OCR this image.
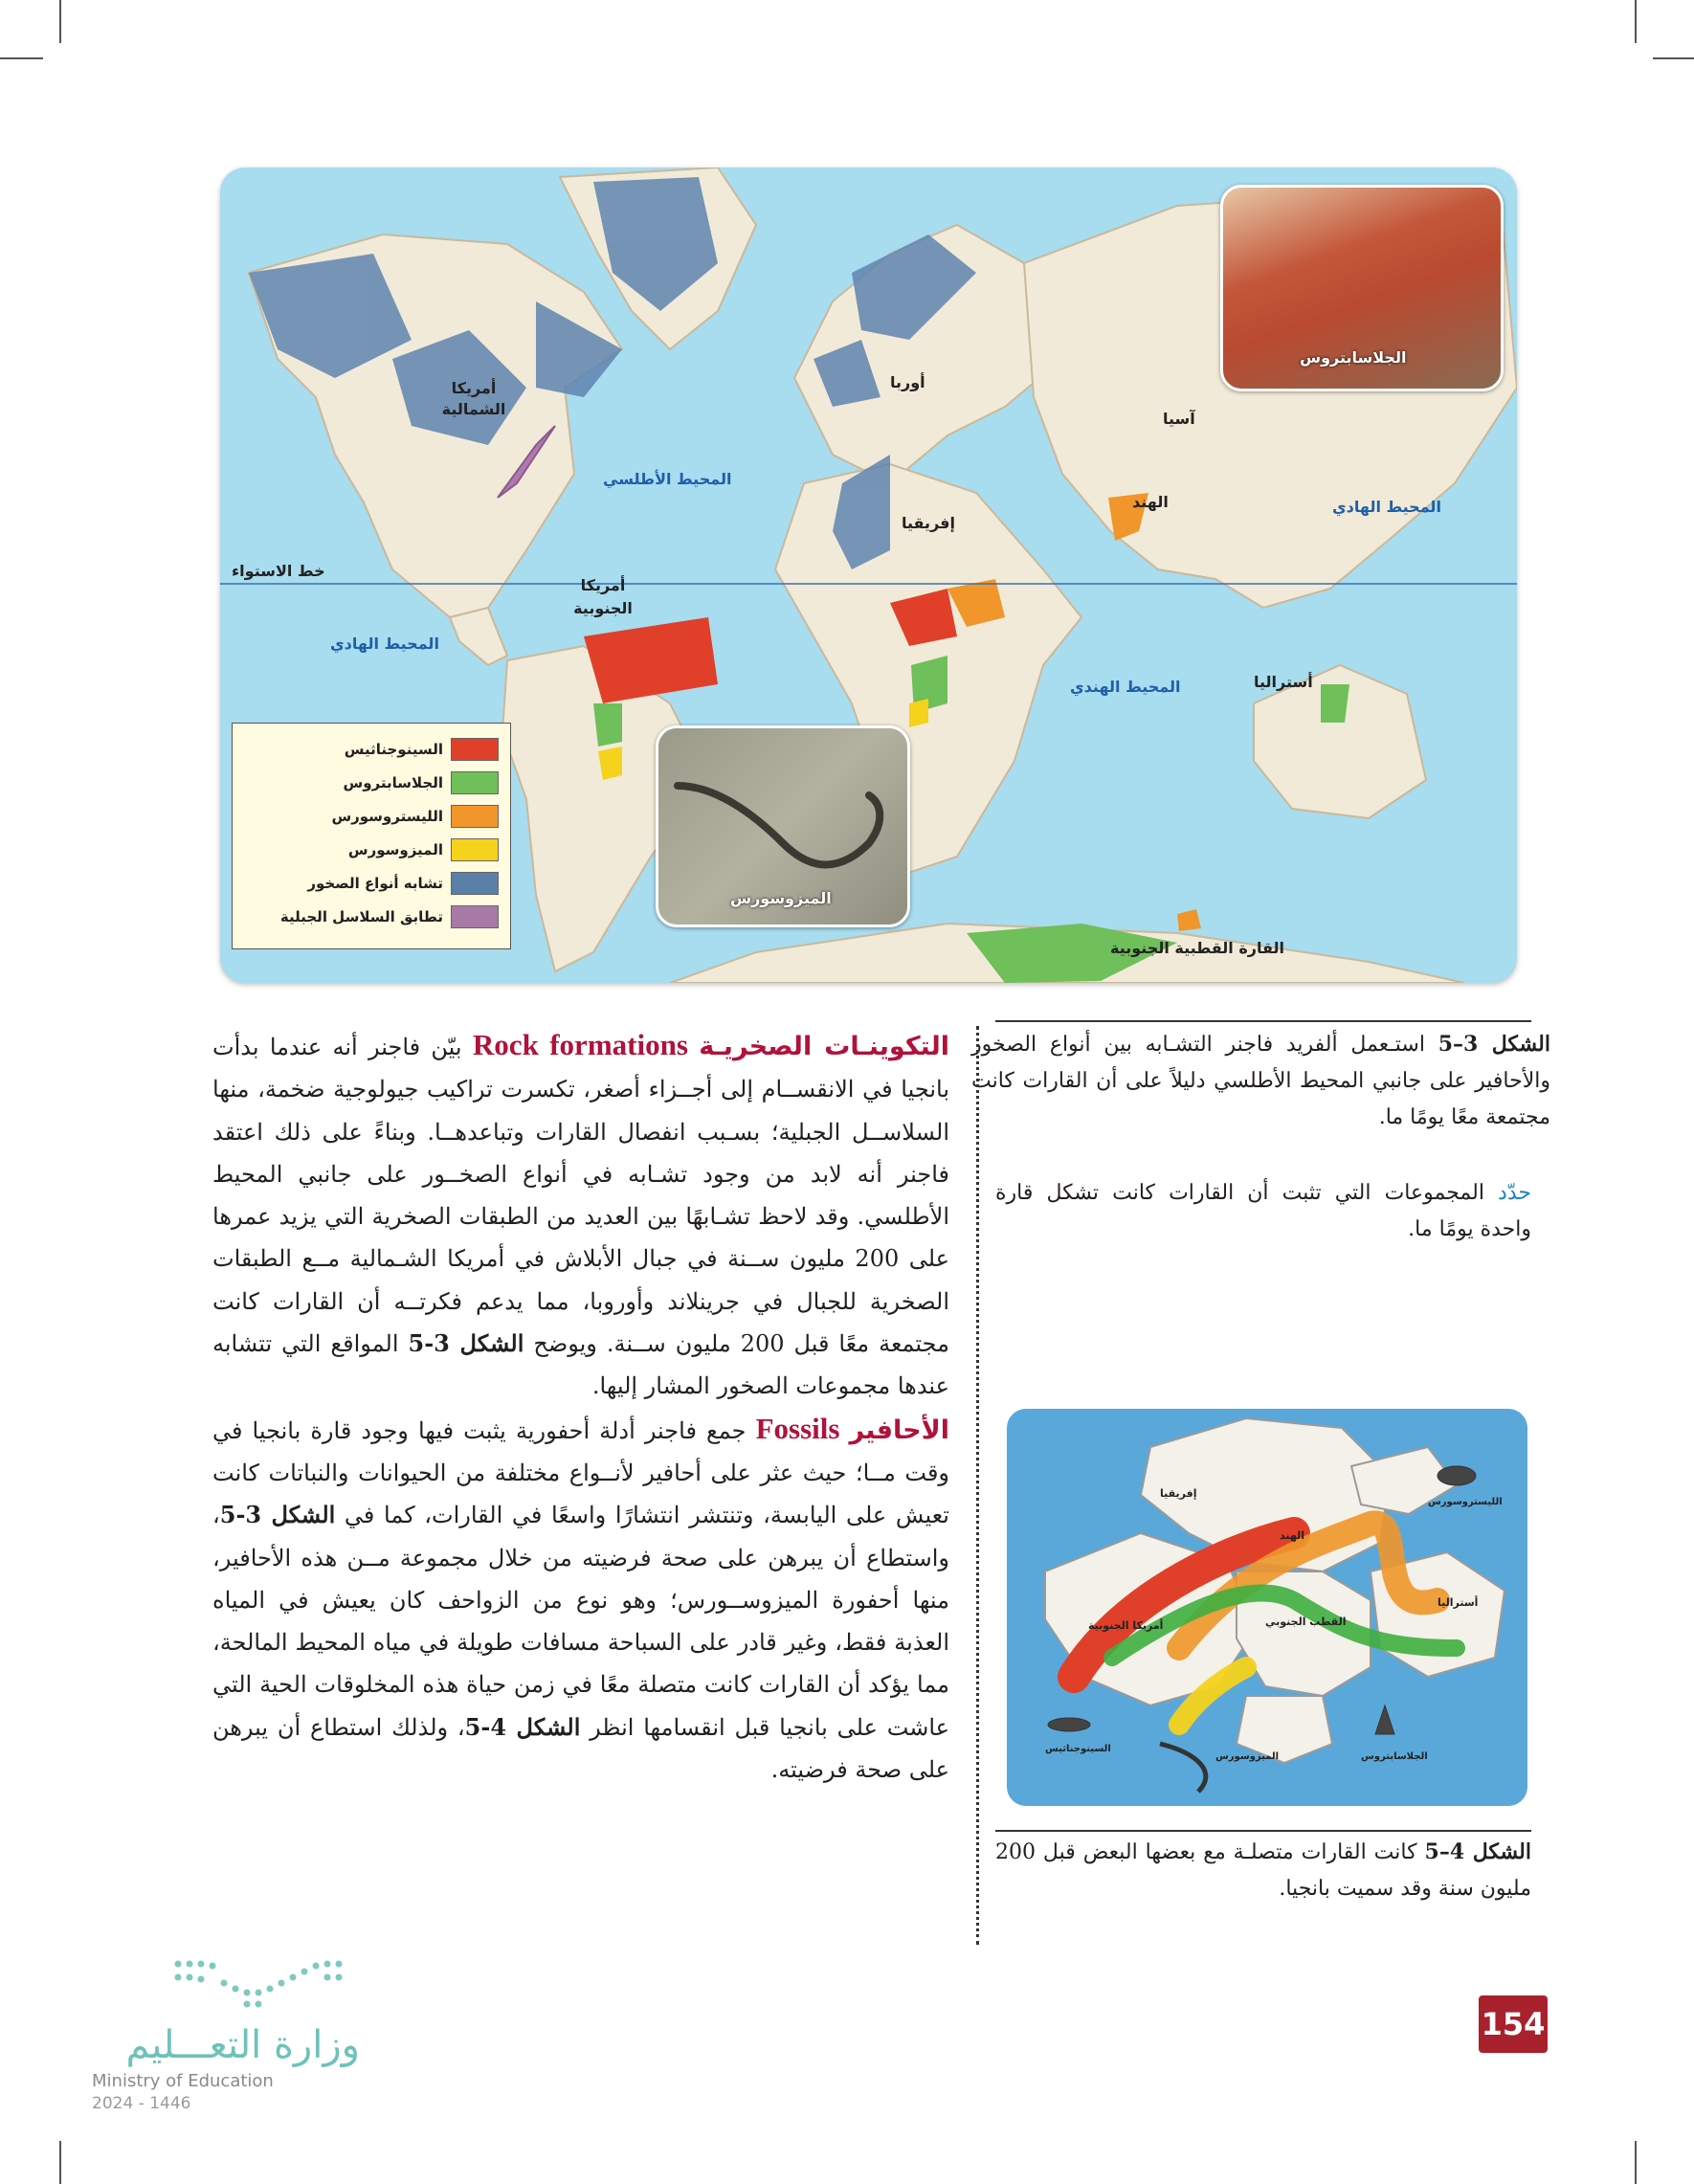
أمريكا الشمالية
أوربا
آسيا
إفريقيا
الهند
أمريكا الجنوبية
أستراليا
القارة القطبية الجنوبية
المحيط الأطلسي
المحيط الهادي
المحيط الهادي
المحيط الهندي
خط الاستواء
الجلاسابتروس
الميزوسورس
السينوجناثيس
الجلاسابتروس
الليستروسورس
الميزوسورس
تشابه أنواع الصخور
تطابق السلاسل الجبلية
الشكل 3–5 استـعمل ألفريد فاجنر التشـابه بين أنواع الصخور والأحافير على جانبي المحيط الأطلسي دليلاً على أن القارات كانت مجتمعة معًا يومًا ما.
حدّد المجموعات التي تثبت أن القارات كانت تشكل قارة واحدة يومًا ما.
إفريقيا
الهند
أمريكا الجنوبية	القطب الجنوبي
أستراليا
السينوجناثيس
الليستروسورس
الميزوسورس	الجلاسابتروس
الشكل 4–5 كانت القارات متصلـة مع بعضها البعض قبل 200 مليون سنة وقد سميت بانجيا.

التكوينـات الصخريـة Rock formations بيّن فاجنر أنه عندما بدأت بانجيا في الانقســام إلى أجــزاء أصغر، تكسرت تراكيب جيولوجية ضخمة، منها السلاســل الجبلية؛ بسـبب انفصال القارات وتباعدهــا. وبناءً على ذلك اعتقد فاجنر أنه لابد من وجود تشـابه في أنواع الصخــور على جانبي المحيط الأطلسي. وقد لاحظ تشـابهًا بين العديد من الطبقات الصخرية التي يزيد عمرها على 200 مليون ســنة في جبال الأبلاش في أمريكا الشـمالية مــع الطبقات الصخرية للجبال في جرينلاند وأوروبا، مما يدعم فكرتــه أن القارات كانت مجتمعة معًا قبل 200 مليون ســنة. ويوضح الشكل 3-5 المواقع التي تتشابه عندها مجموعات الصخور المشار إليها.

الأحافير Fossils جمع فاجنر أدلة أحفورية يثبت فيها وجود قارة بانجيا في وقت مــا؛ حيث عثر على أحافير لأنــواع مختلفة من الحيوانات والنباتات كانت تعيش على اليابسة، وتنتشر انتشارًا واسعًا في القارات، كما في الشكل 3-5، واستطاع أن يبرهن على صحة فرضيته من خلال مجموعة مــن هذه الأحافير، منها أحفورة الميزوســورس؛ وهو نوع من الزواحف كان يعيش في المياه العذبة فقط، وغير قادر على السباحة مسافات طويلة في مياه المحيط المالحة، مما يؤكد أن القارات كانت متصلة معًا في زمن حياة هذه المخلوقات الحية التي عاشت على بانجيا قبل انقسامها انظر الشكل 4-5، ولذلك استطاع أن يبرهن على صحة فرضيته.

154
وزارة التعـــليم
Ministry of Education
2024 - 1446
